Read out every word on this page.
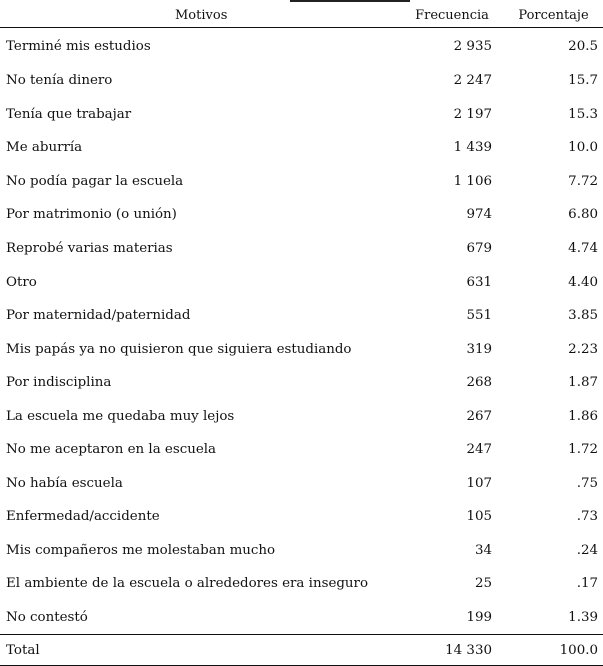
Motivos	Frecuencia	Porcentaje
Terminé mis estudios	2 935	20.5
No tenía dinero	2 247	15.7
Tenía que trabajar	2 197	15.3
Me aburría	1 439	10.0
No podía pagar la escuela	1 106	7.72
Por matrimonio (o unión)	974	6.80
Reprobé varias materias	679	4.74
Otro	631	4.40
Por maternidad/paternidad	551	3.85
Mis papás ya no quisieron que siguiera estudiando	319	2.23
Por indisciplina	268	1.87
La escuela me quedaba muy lejos	267	1.86
No me aceptaron en la escuela	247	1.72
No había escuela	107	.75
Enfermedad/accidente	105	.73
Mis compañeros me molestaban mucho	34	.24
El ambiente de la escuela o alrededores era inseguro	25	.17
No contestó	199	1.39
Total	14 330	100.0
